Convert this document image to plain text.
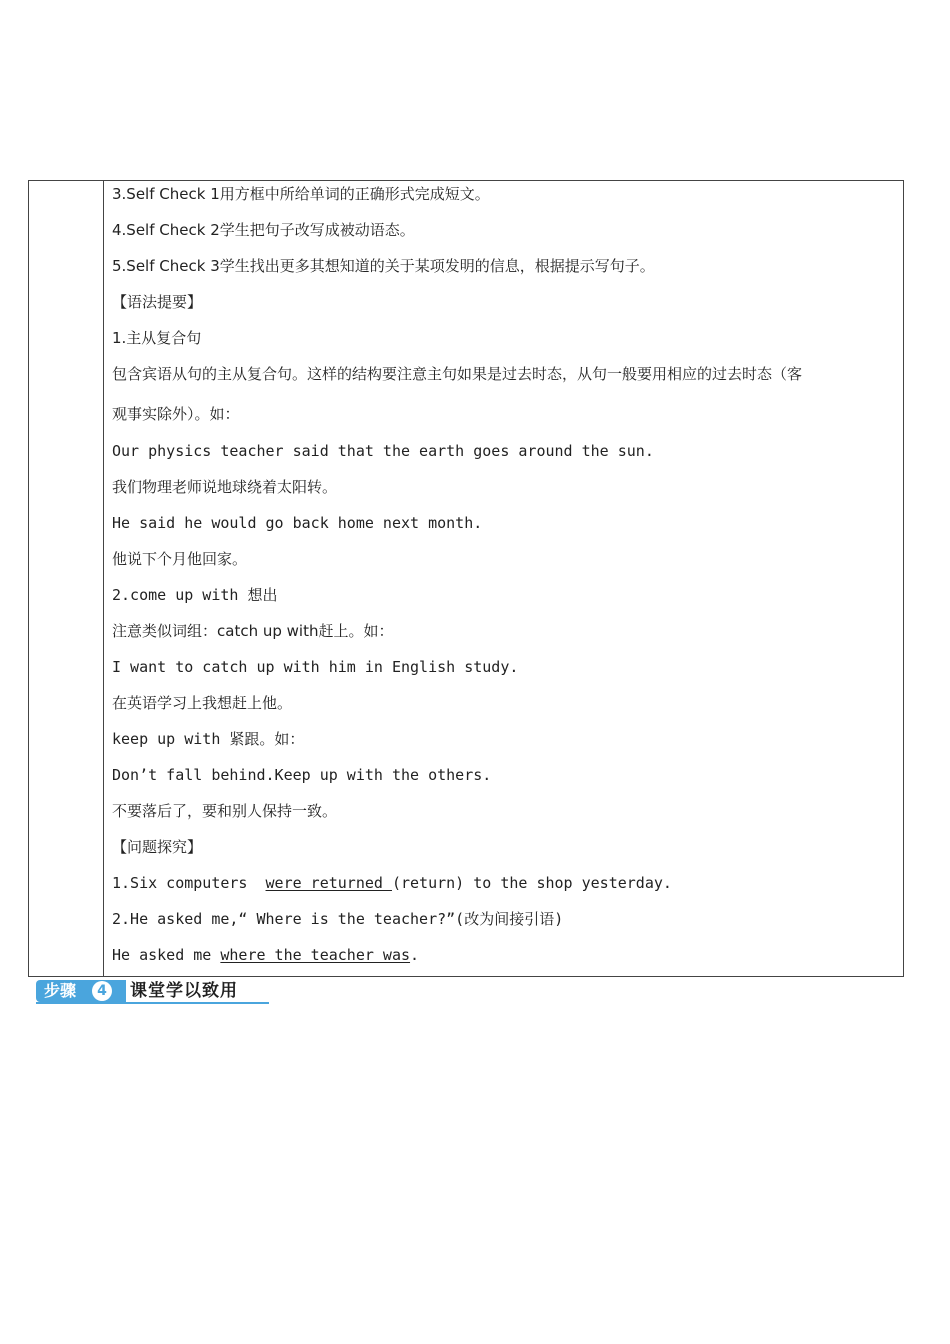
3.Self Check 1用方框中所给单词的正确形式完成短文。
4.Self Check 2学生把句子改写成被动语态。
5.Self Check 3学生找出更多其想知道的关于某项发明的信息，根据提示写句子。
【语法提要】
1.主从复合句
包含宾语从句的主从复合句。这样的结构要注意主句如果是过去时态，从句一般要用相应的过去时态（客
观事实除外）。如：
Our physics teacher said that the earth goes around the sun.
我们物理老师说地球绕着太阳转。
He said he would go back home next month.
他说下个月他回家。
2.come up with 想出
注意类似词组：catch up with赶上。如：
I want to catch up with him in English study.
在英语学习上我想赶上他。
keep up with 紧跟。如：
Don’t fall behind.Keep up with the others.
不要落后了，要和别人保持一致。
【问题探究】
1.Six computers  were returned (return) to the shop yesterday.
2.He asked me,“ Where is the teacher?”(改为间接引语)
He asked me where the teacher was.
步骤	4	课堂学以致用
